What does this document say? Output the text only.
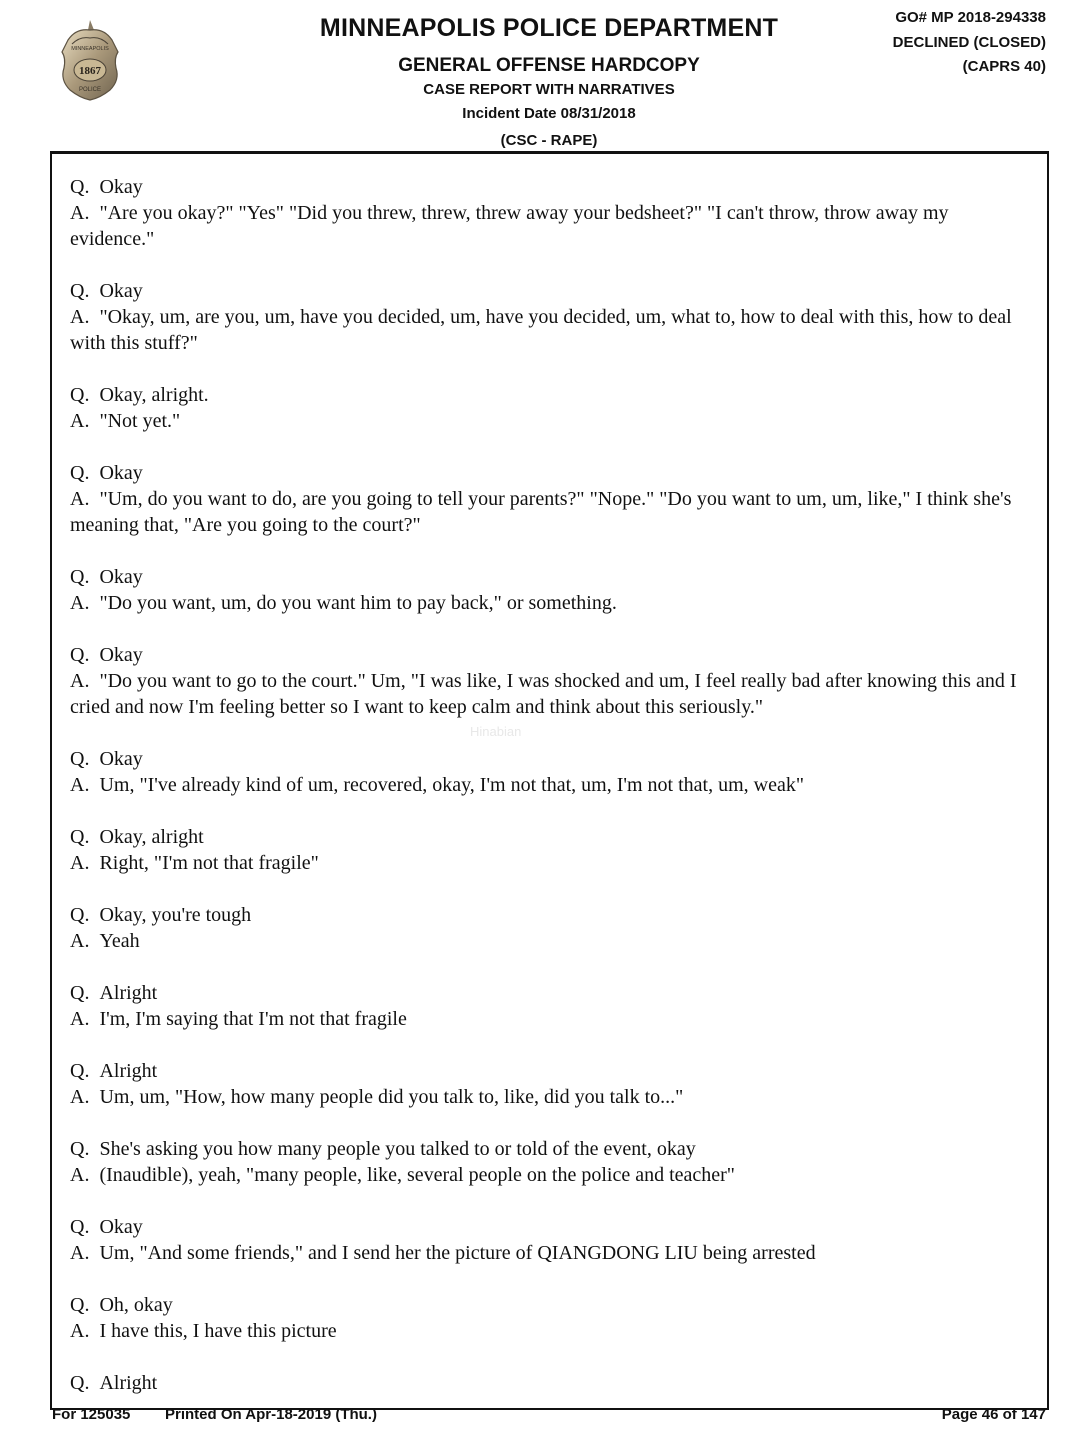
MINNEAPOLIS
1867
POLICE
MINNEAPOLIS POLICE DEPARTMENT
GENERAL OFFENSE HARDCOPY
CASE REPORT WITH NARRATIVES
Incident Date 08/31/2018
(CSC - RAPE)
GO# MP 2018-294338
DECLINED (CLOSED)
(CAPRS 40)
Q. Okay
A. "Are you okay?" "Yes" "Did you threw, threw, threw away your bedsheet?" "I can't throw, throw away my evidence."
Q. Okay
A. "Okay, um, are you, um, have you decided, um, have you decided, um, what to, how to deal with this, how to deal with this stuff?"
Q. Okay, alright.
A. "Not yet."
Q. Okay
A. "Um, do you want to do, are you going to tell your parents?" "Nope." "Do you want to um, um, like," I think she's meaning that, "Are you going to the court?"
Q. Okay
A. "Do you want, um, do you want him to pay back," or something.
Q. Okay
A. "Do you want to go to the court." Um, "I was like, I was shocked and um, I feel really bad after knowing this and I cried and now I'm feeling better so I want to keep calm and think about this seriously."
Q. Okay
A. Um, "I've already kind of um, recovered, okay, I'm not that, um, I'm not that, um, weak"
Q. Okay, alright
A. Right, "I'm not that fragile"
Q. Okay, you're tough
A. Yeah
Q. Alright
A. I'm, I'm saying that I'm not that fragile
Q. Alright
A. Um, um, "How, how many people did you talk to, like, did you talk to..."
Q. She's asking you how many people you talked to or told of the event, okay
A. (Inaudible), yeah, "many people, like, several people on the police and teacher"
Q. Okay
A. Um, "And some friends," and I send her the picture of QIANGDONG LIU being arrested
Q. Oh, okay
A. I have this, I have this picture
Q. Alright
Hinabian
For 125035 Printed On Apr-18-2019 (Thu.)	Page 46 of 147
